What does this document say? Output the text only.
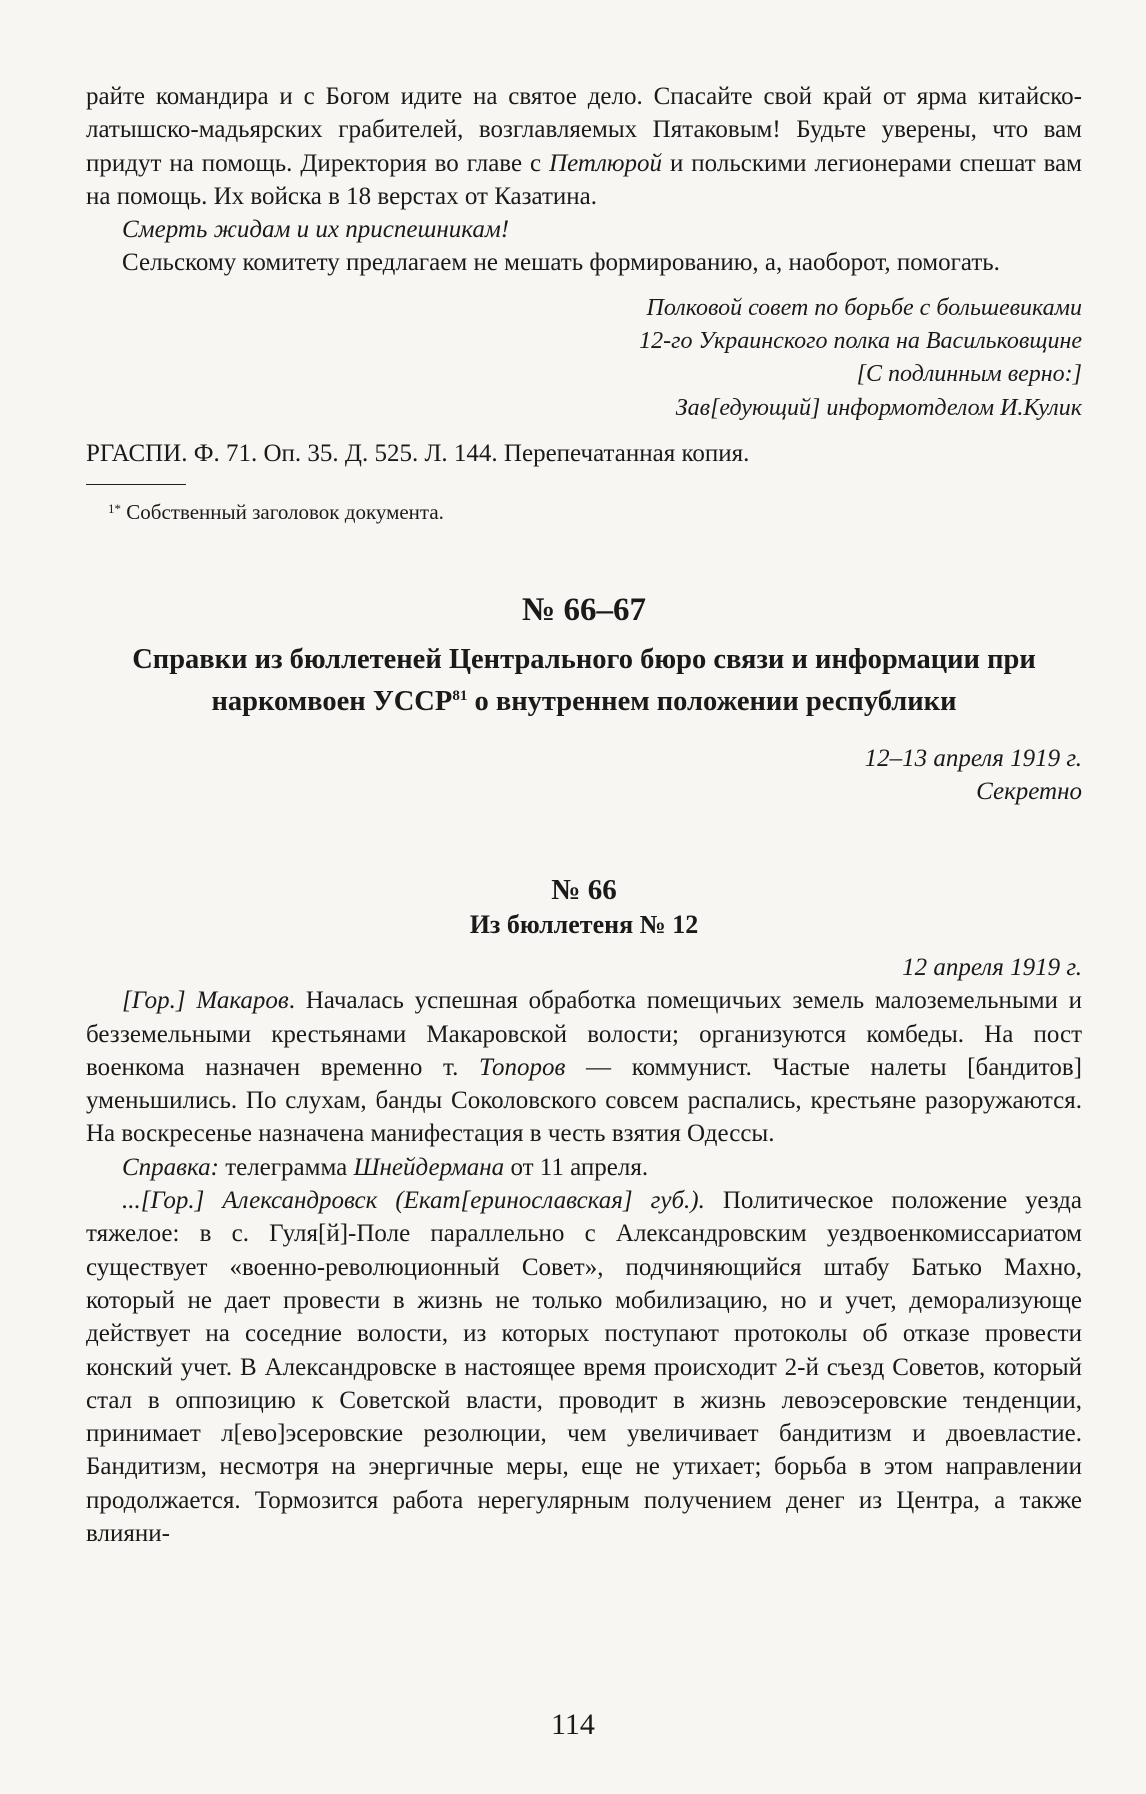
райте командира и с Богом идите на святое дело. Спасайте свой край от ярма китайско-латышско-мадьярских грабителей, возглавляемых Пятаковым! Будьте уверены, что вам придут на помощь. Директория во главе с Петлюрой и польскими легионерами спешат вам на помощь. Их войска в 18 верстах от Казатина.

Смерть жидам и их приспешникам!

Сельскому комитету предлагаем не мешать формированию, а, наоборот, помогать.

Полковой совет по борьбе с большевиками
12-го Украинского полка на Васильковщине
[С подлинным верно:]
Зав[едующий] информотделом И.Кулик

РГАСПИ. Ф. 71. Оп. 35. Д. 525. Л. 144. Перепечатанная копия.

$^{1*}$ Собственный заголовок документа.
№ 66–67
Справки из бюллетеней Центрального бюро связи и информации при наркомвоен УССР$^{81}$ о внутреннем положении республики
12–13 апреля 1919 г.
Секретно
№ 66
Из бюллетеня № 12
12 апреля 1919 г.

[Гор.] Макаров. Началась успешная обработка помещичьих земель малоземельными и безземельными крестьянами Макаровской волости; организуются комбеды. На пост военкома назначен временно т. Топоров — коммунист. Частые налеты [бандитов] уменьшились. По слухам, банды Соколовского совсем распались, крестьяне разоружаются. На воскресенье назначена манифестация в честь взятия Одессы.

Справка: телеграмма Шнейдермана от 11 апреля.

...[Гор.] Александровск (Екат[еринославская] губ.). Политическое положение уезда тяжелое: в с. Гуля[й]-Поле параллельно с Александровским уездвоенкомиссариатом существует «военно-революционный Совет», подчиняющийся штабу Батько Махно, который не дает провести в жизнь не только мобилизацию, но и учет, деморализующе действует на соседние волости, из которых поступают протоколы об отказе провести конский учет. В Александровске в настоящее время происходит 2-й съезд Советов, который стал в оппозицию к Советской власти, проводит в жизнь левоэсеровские тенденции, принимает л[ево]эсеровские резолюции, чем увеличивает бандитизм и двоевластие. Бандитизм, несмотря на энергичные меры, еще не утихает; борьба в этом направлении продолжается. Тормозится работа нерегулярным получением денег из Центра, а также влияни-

114
